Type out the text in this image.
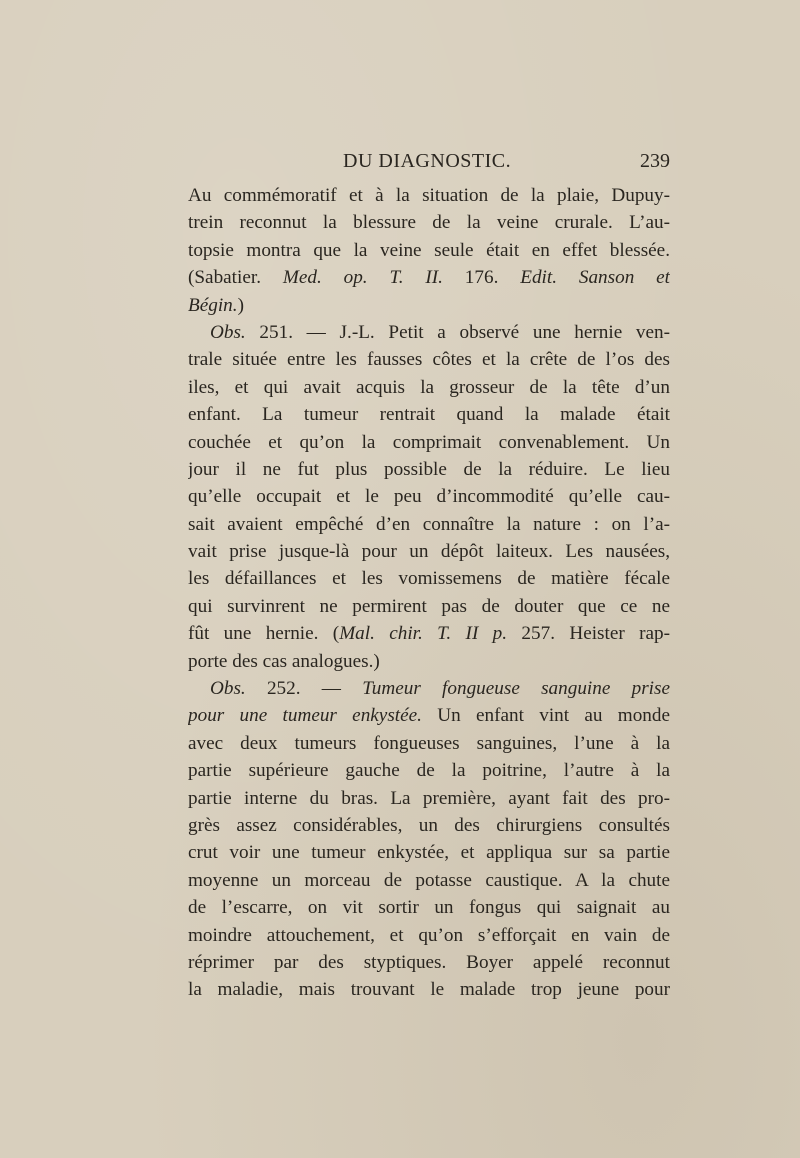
DU DIAGNOSTIC.	239
Au commémoratif et à la situation de la plaie, Dupuy-
trein reconnut la blessure de la veine crurale. L’au-
topsie montra que la veine seule était en effet blessée.
(Sabatier. Med. op. T. II. 176. Edit. Sanson et
Bégin.)
Obs. 251. — J.-L. Petit a observé une hernie ven-
trale située entre les fausses côtes et la crête de l’os des
iles, et qui avait acquis la grosseur de la tête d’un
enfant. La tumeur rentrait quand la malade était
couchée et qu’on la comprimait convenablement. Un
jour il ne fut plus possible de la réduire. Le lieu
qu’elle occupait et le peu d’incommodité qu’elle cau-
sait avaient empêché d’en connaître la nature : on l’a-
vait prise jusque-là pour un dépôt laiteux. Les nausées,
les défaillances et les vomissemens de matière fécale
qui survinrent ne permirent pas de douter que ce ne
fût une hernie. (Mal. chir. T. II p. 257. Heister rap-
porte des cas analogues.)
Obs. 252. — Tumeur fongueuse sanguine prise
pour une tumeur enkystée. Un enfant vint au monde
avec deux tumeurs fongueuses sanguines, l’une à la
partie supérieure gauche de la poitrine, l’autre à la
partie interne du bras. La première, ayant fait des pro-
grès assez considérables, un des chirurgiens consultés
crut voir une tumeur enkystée, et appliqua sur sa partie
moyenne un morceau de potasse caustique. A la chute
de l’escarre, on vit sortir un fongus qui saignait au
moindre attouchement, et qu’on s’efforçait en vain de
réprimer par des styptiques. Boyer appelé reconnut
la maladie, mais trouvant le malade trop jeune pour
